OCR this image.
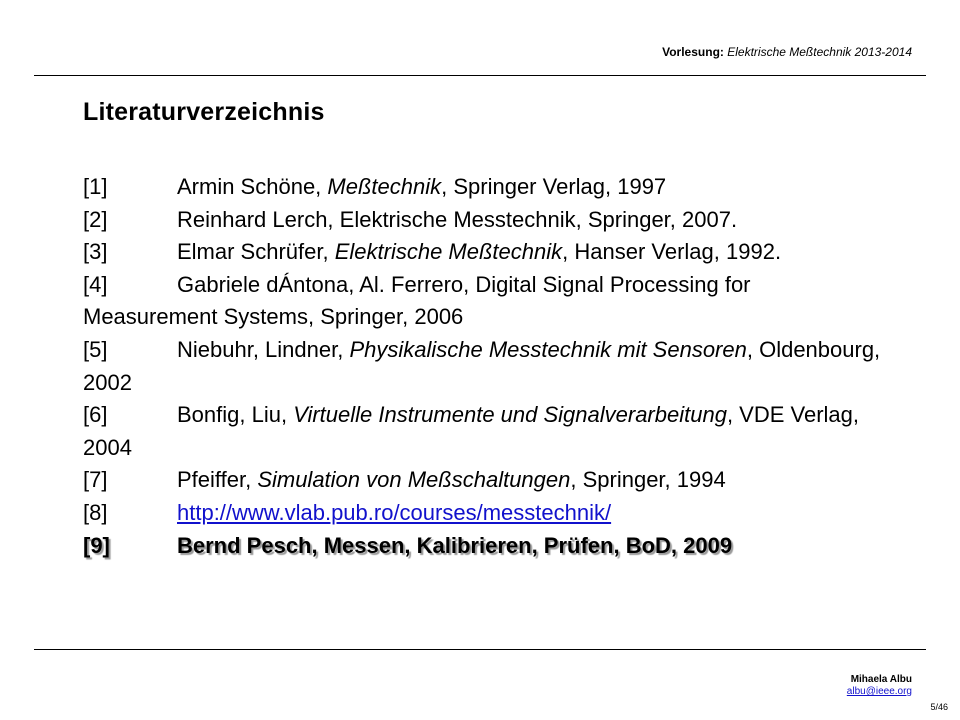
Vorlesung: Elektrische Meßtechnik 2013-2014
Literaturverzeichnis

[1]	Armin Schöne, Meßtechnik, Springer Verlag, 1997

[2]	Reinhard Lerch, Elektrische Messtechnik, Springer, 2007.

[3]	Elmar Schrüfer, Elektrische Meßtechnik, Hanser Verlag, 1992.

[4]	Gabriele dÁntona, Al. Ferrero, Digital Signal Processing for Measurement Systems, Springer, 2006

[5]	Niebuhr, Lindner, Physikalische Messtechnik mit Sensoren, Oldenbourg, 2002

[6]	Bonfig, Liu, Virtuelle Instrumente und Signalverarbeitung, VDE Verlag, 2004

[7]	Pfeiffer, Simulation von Meßschaltungen, Springer, 1994

[8]	http://www.vlab.pub.ro/courses/messtechnik/

[9]	Bernd Pesch, Messen, Kalibrieren, Prüfen, BoD, 2009

Mihaela Albu
albu@ieee.org
5/46
